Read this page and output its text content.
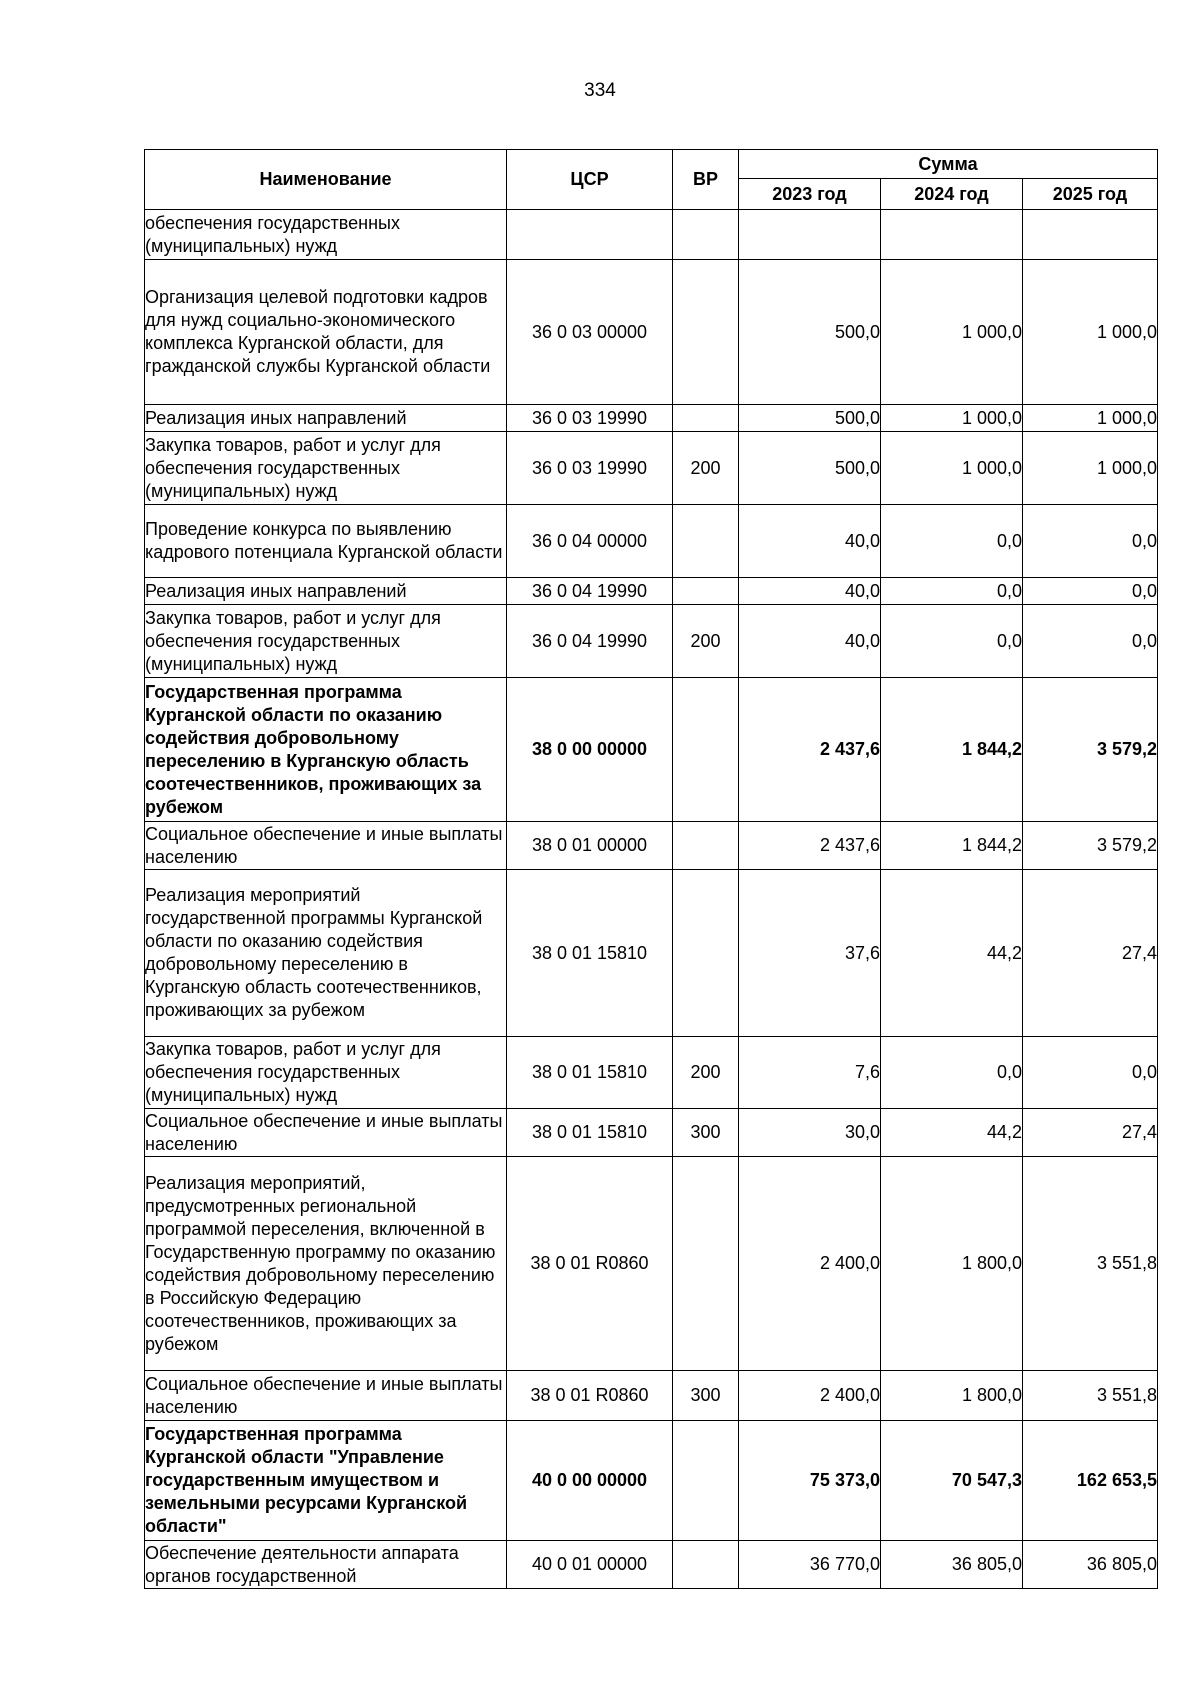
334
Наименование	ЦСР	ВР	Сумма		
			2023 год	2024 год	2025 год
обеспечения государственных (муниципальных) нужд					
Организация целевой подготовки кадров для нужд социально-экономического комплекса Курганской области, для гражданской службы Курганской области	36 0 03 00000		500,0	1 000,0	1 000,0
Реализация иных направлений	36 0 03 19990		500,0	1 000,0	1 000,0
Закупка товаров, работ и услуг для обеспечения государственных (муниципальных) нужд	36 0 03 19990	200	500,0	1 000,0	1 000,0
Проведение конкурса по выявлению кадрового потенциала Курганской области	36 0 04 00000		40,0	0,0	0,0
Реализация иных направлений	36 0 04 19990		40,0	0,0	0,0
Закупка товаров, работ и услуг для обеспечения государственных (муниципальных) нужд	36 0 04 19990	200	40,0	0,0	0,0
Государственная программа Курганской области по оказанию содействия добровольному переселению в Курганскую область соотечественников, проживающих за рубежом	38 0 00 00000		2 437,6	1 844,2	3 579,2
Социальное обеспечение и иные выплаты населению	38 0 01 00000		2 437,6	1 844,2	3 579,2
Реализация мероприятий государственной программы Курганской области по оказанию содействия добровольному переселению в Курганскую область соотечественников, проживающих за рубежом	38 0 01 15810		37,6	44,2	27,4
Закупка товаров, работ и услуг для обеспечения государственных (муниципальных) нужд	38 0 01 15810	200	7,6	0,0	0,0
Социальное обеспечение и иные выплаты населению	38 0 01 15810	300	30,0	44,2	27,4
Реализация мероприятий, предусмотренных региональной программой переселения, включенной в Государственную программу по оказанию содействия добровольному переселению в Российскую Федерацию соотечественников, проживающих за рубежом	38 0 01 R0860		2 400,0	1 800,0	3 551,8
Социальное обеспечение и иные выплаты населению	38 0 01 R0860	300	2 400,0	1 800,0	3 551,8
Государственная программа Курганской области "Управление государственным имуществом и земельными ресурсами Курганской области"	40 0 00 00000		75 373,0	70 547,3	162 653,5
Обеспечение деятельности аппарата органов государственной	40 0 01 00000		36 770,0	36 805,0	36 805,0
